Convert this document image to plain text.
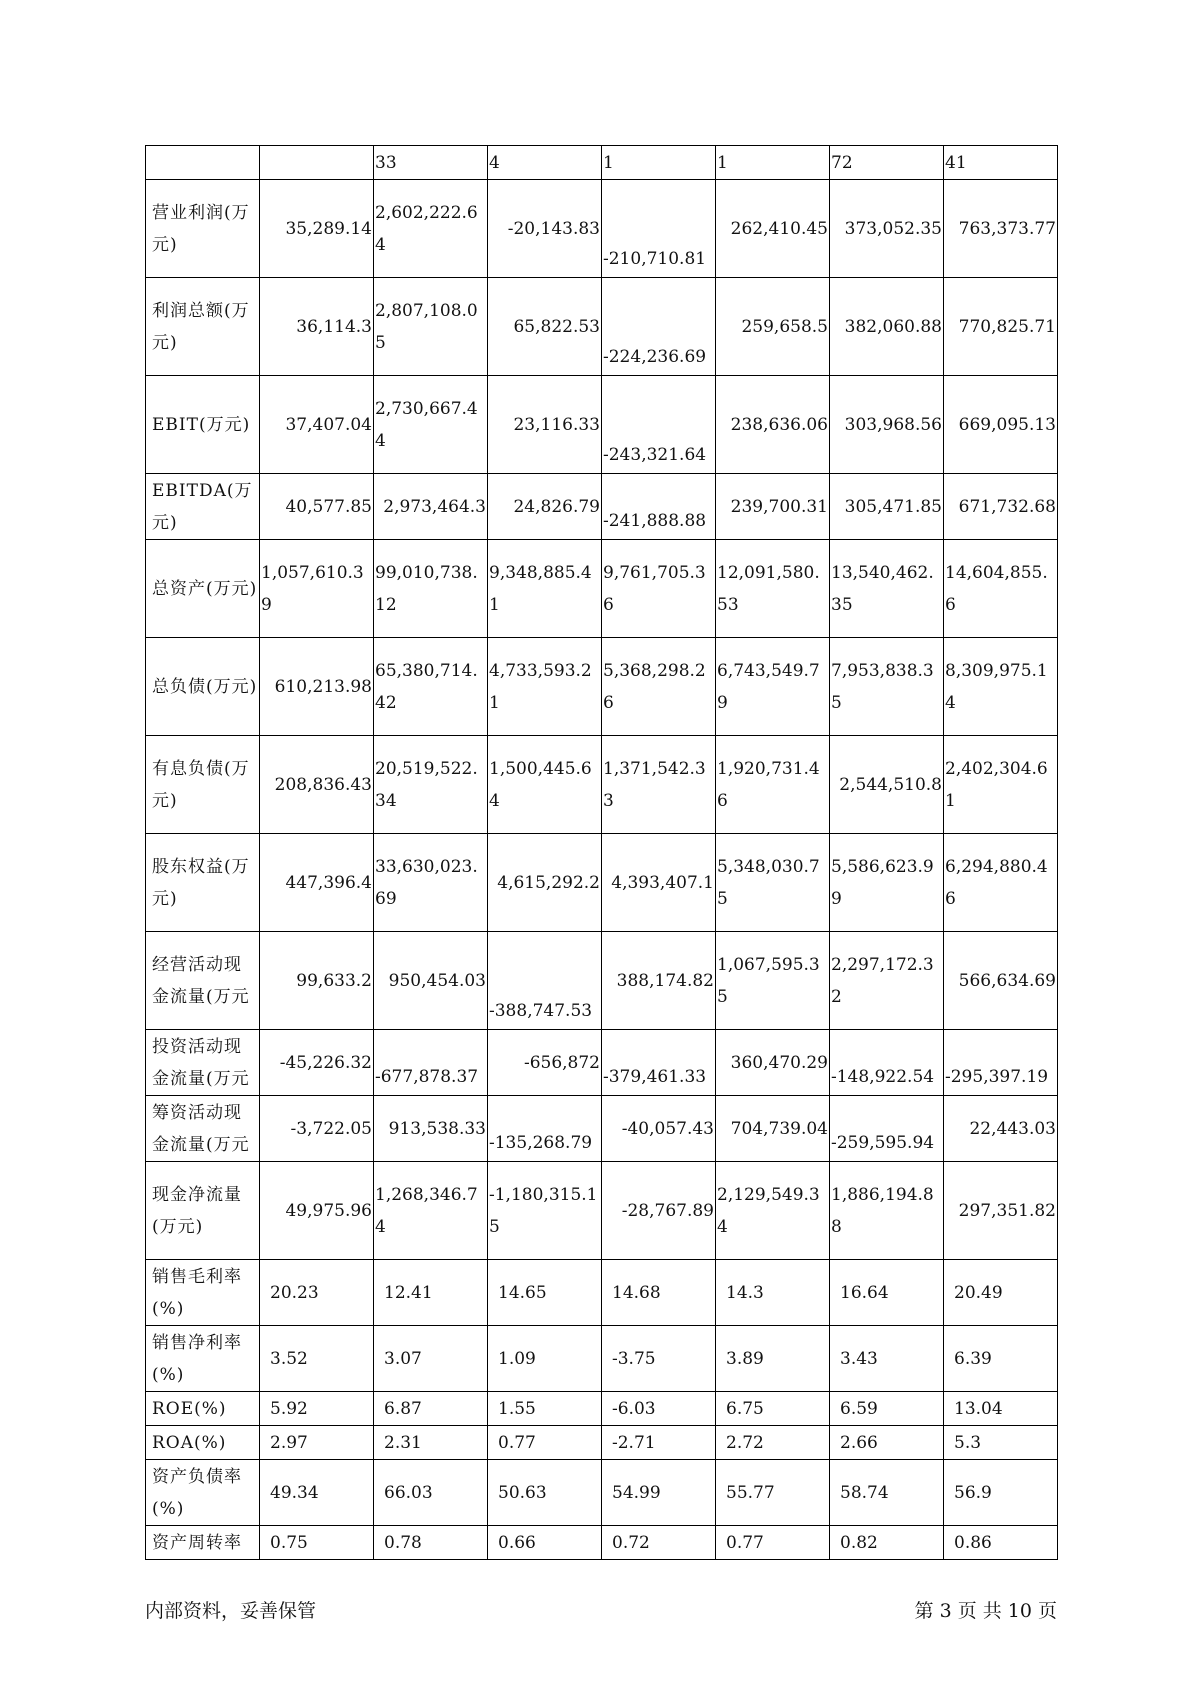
		33	4	1	1	72	41
营业利润(万元)	35,289.14	2,602,222.64	-20,143.83	-210,710.81	262,410.45	373,052.35	763,373.77
利润总额(万元)	36,114.3	2,807,108.05	65,822.53	-224,236.69	259,658.5	382,060.88	770,825.71
EBIT(万元)	37,407.04	2,730,667.44	23,116.33	-243,321.64	238,636.06	303,968.56	669,095.13
EBITDA(万元)	40,577.85	2,973,464.3	24,826.79	-241,888.88	239,700.31	305,471.85	671,732.68
总资产(万元)	1,057,610.39	99,010,738.12	9,348,885.41	9,761,705.36	12,091,580.53	13,540,462.35	14,604,855.6
总负债(万元)	610,213.98	65,380,714.42	4,733,593.21	5,368,298.26	6,743,549.79	7,953,838.35	8,309,975.14
有息负债(万元)	208,836.43	20,519,522.34	1,500,445.64	1,371,542.33	1,920,731.46	2,544,510.8	2,402,304.61
股东权益(万元)	447,396.4	33,630,023.69	4,615,292.2	4,393,407.1	5,348,030.75	5,586,623.99	6,294,880.46
经营活动现金流量(万元	99,633.2	950,454.03	-388,747.53	388,174.82	1,067,595.35	2,297,172.32	566,634.69
投资活动现金流量(万元	-45,226.32	-677,878.37	-656,872	-379,461.33	360,470.29	-148,922.54	-295,397.19
筹资活动现金流量(万元	-3,722.05	913,538.33	-135,268.79	-40,057.43	704,739.04	-259,595.94	22,443.03
现金净流量(万元)	49,975.96	1,268,346.74	-1,180,315.15	-28,767.89	2,129,549.34	1,886,194.88	297,351.82
销售毛利率(%)	20.23	12.41	14.65	14.68	14.3	16.64	20.49
销售净利率(%)	3.52	3.07	1.09	-3.75	3.89	3.43	6.39
ROE(%)	5.92	6.87	1.55	-6.03	6.75	6.59	13.04
ROA(%)	2.97	2.31	0.77	-2.71	2.72	2.66	5.3
资产负债率(%)	49.34	66.03	50.63	54.99	55.77	58.74	56.9
资产周转率	0.75	0.78	0.66	0.72	0.77	0.82	0.86
内部资料，妥善保管	第 3 页 共 10 页
